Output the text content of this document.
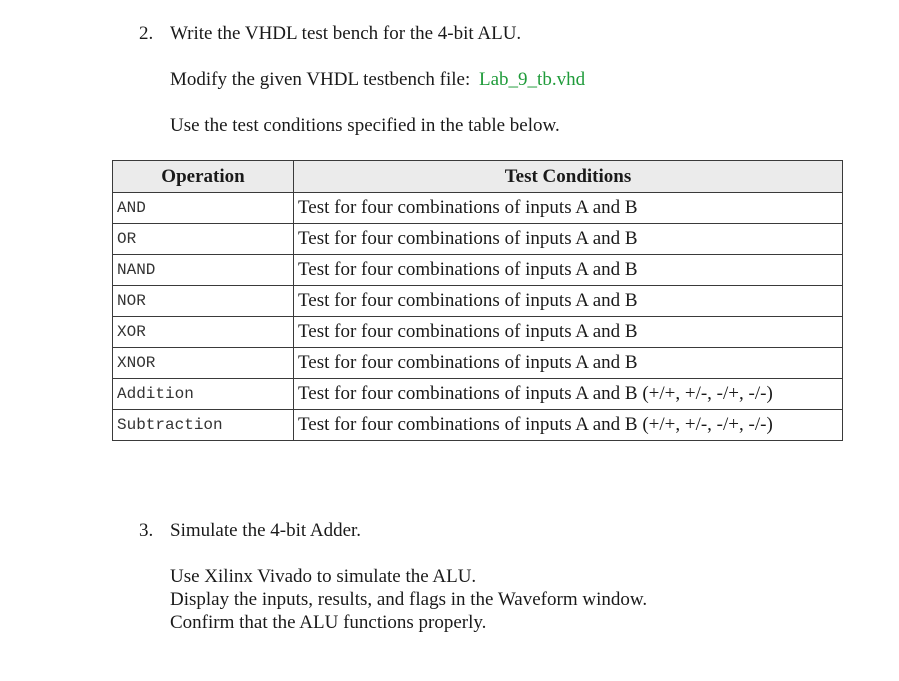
2. Write the VHDL test bench for the 4-bit ALU.
Modify the given VHDL testbench file: Lab_9_tb.vhd
Use the test conditions specified in the table below.
Operation	Test Conditions
AND	Test for four combinations of inputs A and B
OR	Test for four combinations of inputs A and B
NAND	Test for four combinations of inputs A and B
NOR	Test for four combinations of inputs A and B
XOR	Test for four combinations of inputs A and B
XNOR	Test for four combinations of inputs A and B
Addition	Test for four combinations of inputs A and B (+/+, +/-, -/+, -/-)
Subtraction	Test for four combinations of inputs A and B (+/+, +/-, -/+, -/-)
3. Simulate the 4-bit Adder.
Use Xilinx Vivado to simulate the ALU.
Display the inputs, results, and flags in the Waveform window.
Confirm that the ALU functions properly.
